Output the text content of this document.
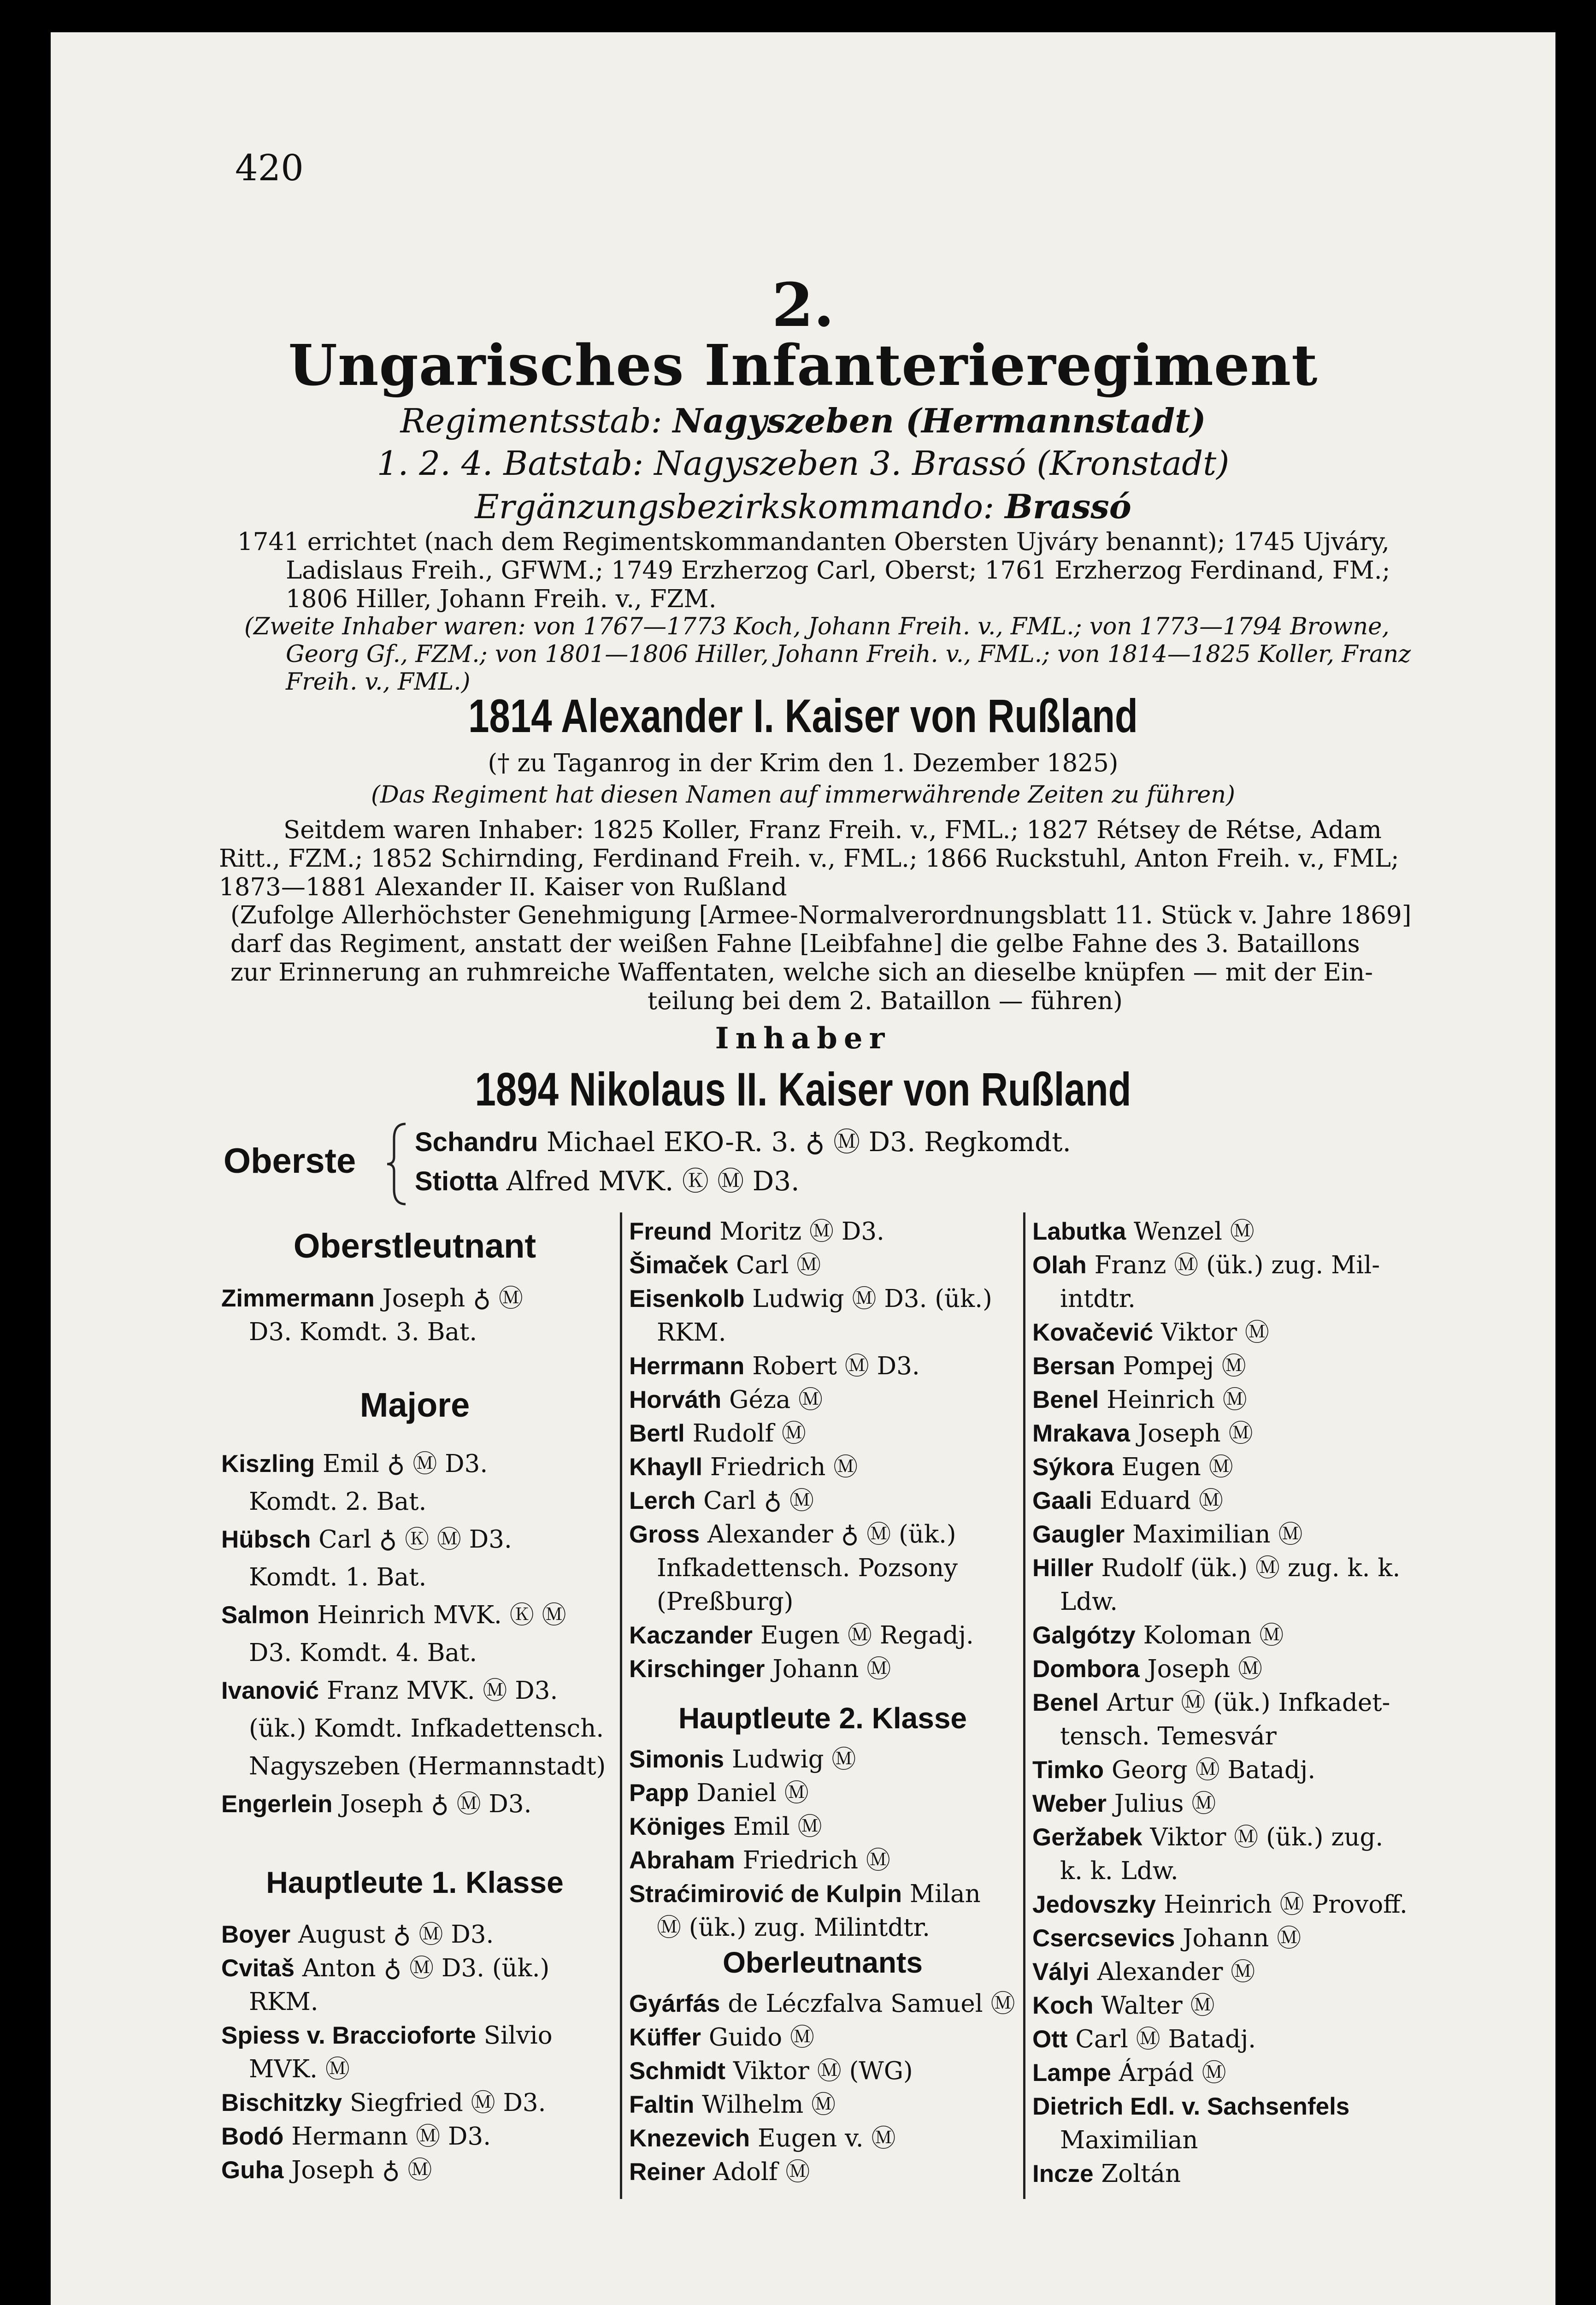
420
2.
Ungarisches Infanterieregiment
Regimentsstab: Nagyszeben (Hermannstadt)
1. 2. 4. Batstab: Nagyszeben 3. Brassó (Kronstadt)
Ergänzungsbezirkskommando: Brassó

1741 errichtet (nach dem Regimentskommandanten Obersten Ujváry benannt); 1745 Ujváry,

Ladislaus Freih., GFWM.; 1749 Erzherzog Carl, Oberst; 1761 Erzherzog Ferdinand, FM.;

1806 Hiller, Johann Freih. v., FZM.

(Zweite Inhaber waren: von 1767—1773 Koch, Johann Freih. v., FML.; von 1773—1794 Browne,
Georg Gf., FZM.; von 1801—1806 Hiller, Johann Freih. v., FML.; von 1814—1825 Koller, Franz
Freih. v., FML.)
1814 Alexander I. Kaiser von Rußland
(† zu Taganrog in der Krim den 1. Dezember 1825)
(Das Regiment hat diesen Namen auf immerwährende Zeiten zu führen)

Seitdem waren Inhaber: 1825 Koller, Franz Freih. v., FML.; 1827 Rétsey de Rétse, Adam

Ritt., FZM.; 1852 Schirnding, Ferdinand Freih. v., FML.; 1866 Ruckstuhl, Anton Freih. v., FML;

1873—1881 Alexander II. Kaiser von Rußland

(Zufolge Allerhöchster Genehmigung [Armee-Normalverordnungsblatt 11. Stück v. Jahre 1869]

darf das Regiment, anstatt der weißen Fahne [Leibfahne] die gelbe Fahne des 3. Bataillons

zur Erinnerung an ruhmreiche Waffentaten, welche sich an dieselbe knüpfen — mit der Ein-

teilung bei dem 2. Bataillon — führen)

Inhaber
1894 Nikolaus II. Kaiser von Rußland
Oberste Schandru Michael EKO-R. 3. ♁ Ⓜ D3. Regkomdt.
Stiotta Alfred MVK. Ⓚ Ⓜ D3.
Oberstleutnant
Zimmermann Joseph ♁ Ⓜ
D3. Komdt. 3. Bat.
Majore
Kiszling Emil ♁ Ⓜ D3.
Komdt. 2. Bat.
Hübsch Carl ♁ Ⓚ Ⓜ D3.
Komdt. 1. Bat.
Salmon Heinrich MVK. Ⓚ Ⓜ
D3. Komdt. 4. Bat.
Ivanović Franz MVK. Ⓜ D3.
(ük.) Komdt. Infkadettensch.
Nagyszeben (Hermannstadt)
Engerlein Joseph ♁ Ⓜ D3.
Hauptleute 1. Klasse
Boyer August ♁ Ⓜ D3.
Cvitaš Anton ♁ Ⓜ D3. (ük.)
RKM.
Spiess v. Braccioforte Silvio
MVK. Ⓜ
Bischitzky Siegfried Ⓜ D3.
Bodó Hermann Ⓜ D3.
Guha Joseph ♁ Ⓜ
Freund Moritz Ⓜ D3.
Šimaček Carl Ⓜ
Eisenkolb Ludwig Ⓜ D3. (ük.)
RKM.
Herrmann Robert Ⓜ D3.
Horváth Géza Ⓜ
Bertl Rudolf Ⓜ
Khayll Friedrich Ⓜ
Lerch Carl ♁ Ⓜ
Gross Alexander ♁ Ⓜ (ük.)
Infkadettensch. Pozsony
(Preßburg)
Kaczander Eugen Ⓜ Regadj.
Kirschinger Johann Ⓜ
Hauptleute 2. Klasse
Simonis Ludwig Ⓜ
Papp Daniel Ⓜ
Königes Emil Ⓜ
Abraham Friedrich Ⓜ
Straćimirović de Kulpin Milan
Ⓜ (ük.) zug. Milintdtr.
Oberleutnants
Gyárfás de Léczfalva Samuel Ⓜ
Küffer Guido Ⓜ
Schmidt Viktor Ⓜ (WG)
Faltin Wilhelm Ⓜ
Knezevich Eugen v. Ⓜ
Reiner Adolf Ⓜ
Labutka Wenzel Ⓜ
Olah Franz Ⓜ (ük.) zug. Mil-
intdtr.
Kovačević Viktor Ⓜ
Bersan Pompej Ⓜ
Benel Heinrich Ⓜ
Mrakava Joseph Ⓜ
Sýkora Eugen Ⓜ
Gaali Eduard Ⓜ
Gaugler Maximilian Ⓜ
Hiller Rudolf (ük.) Ⓜ zug. k. k.
Ldw.
Galgótzy Koloman Ⓜ
Dombora Joseph Ⓜ
Benel Artur Ⓜ (ük.) Infkadet-
tensch. Temesvár
Timko Georg Ⓜ Batadj.
Weber Julius Ⓜ
Geržabek Viktor Ⓜ (ük.) zug.
k. k. Ldw.
Jedovszky Heinrich Ⓜ Provoff.
Csercsevics Johann Ⓜ
Vályi Alexander Ⓜ
Koch Walter Ⓜ
Ott Carl Ⓜ Batadj.
Lampe Árpád Ⓜ
Dietrich Edl. v. Sachsenfels
Maximilian
Incze Zoltán
